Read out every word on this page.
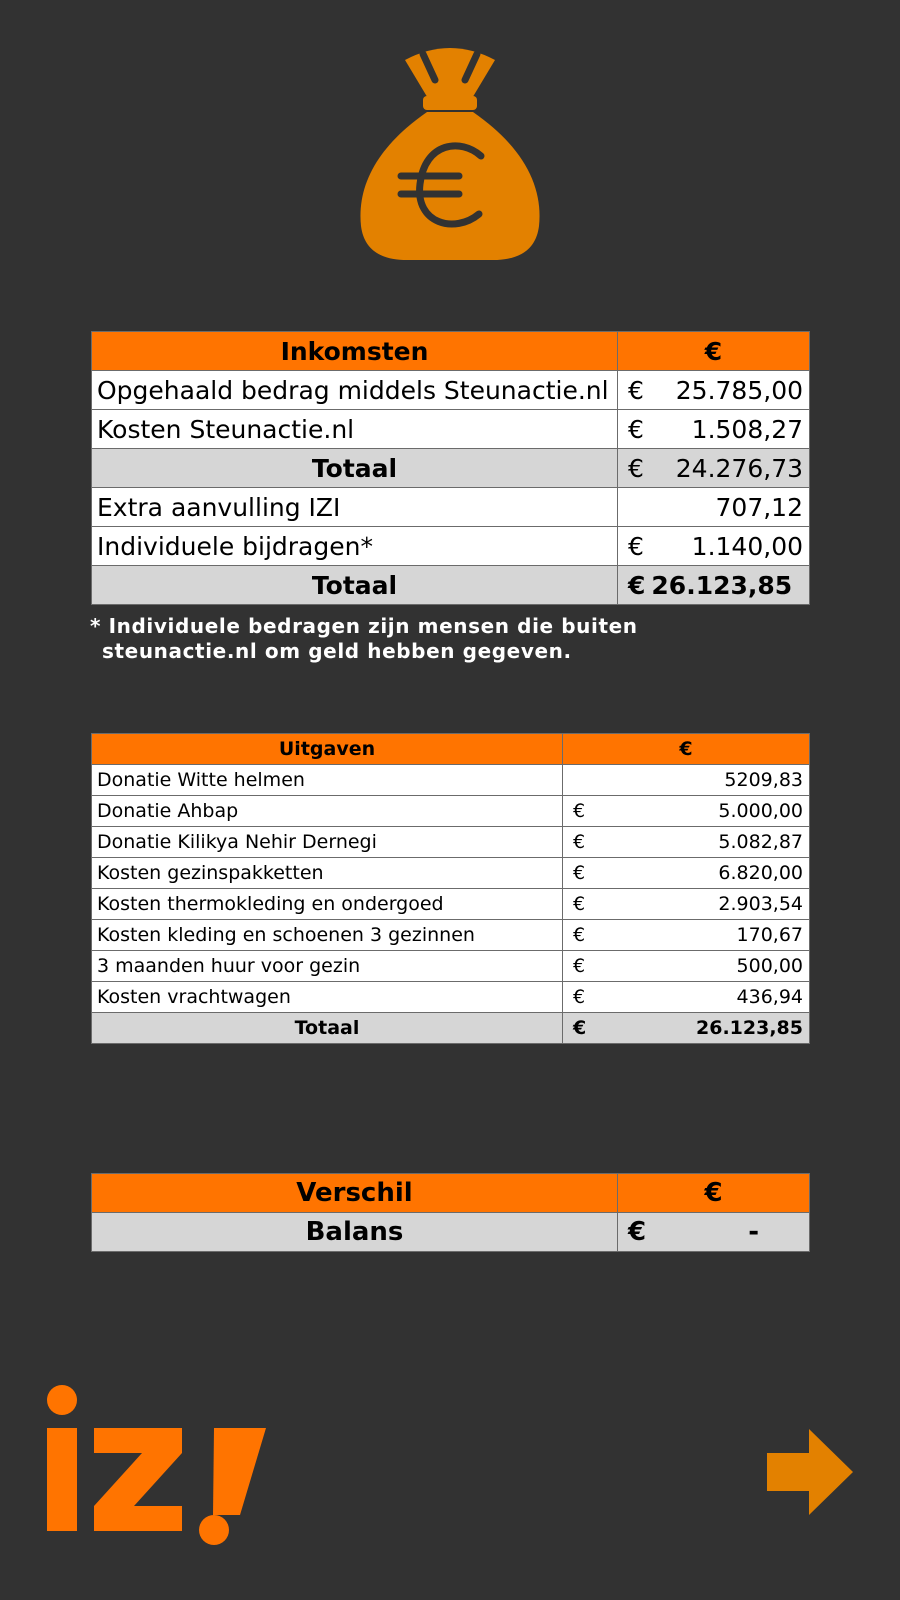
Inkomsten	€
Opgehaald bedrag middels Steunactie.nl	€ 25.785,00

Kosten Steunactie.nl	€ 1.508,27

Totaal	€ 24.276,73

Extra aanvulling IZI	707,12

Individuele bijdragen*	€ 1.140,00

Totaal	€ 26.123,85
* Individuele bedragen zijn mensen die buiten
steunactie.nl om geld hebben gegeven.
Uitgaven	€
Donatie Witte helmen	5209,83

Donatie Ahbap	€ 5.000,00

Donatie Kilikya Nehir Dernegi	€ 5.082,87

Kosten gezinspakketten	€ 6.820,00

Kosten thermokleding en ondergoed	€ 2.903,54

Kosten kleding en schoenen 3 gezinnen	€ 170,67

3 maanden huur voor gezin	€ 500,00

Kosten vrachtwagen	€ 436,94

Totaal	€ 26.123,85
Verschil	€
Balans	€ -
